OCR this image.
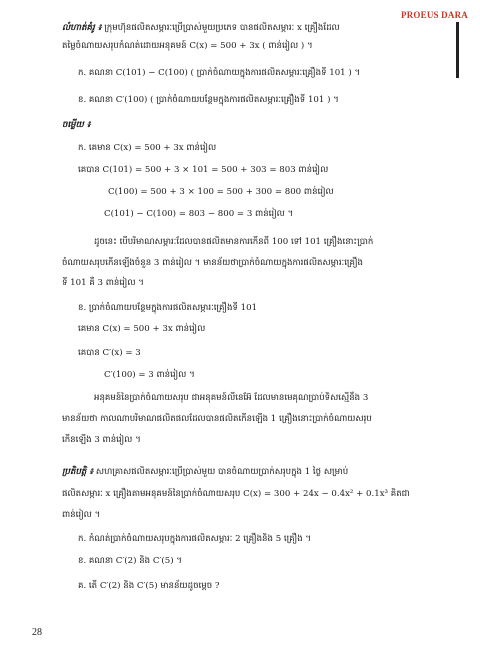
PROEUS DARA
លំហាត់គំរូ ៖ ក្រុមហ៊ុនផលិតសម្ភារៈប្រើប្រាស់មួយប្រភេទ បានផលិតសម្ភារៈ x គ្រឿងដែល
តម្លៃចំណាយសរុបកំណត់ដោយអនុគមន៍ C(x) = 500 + 3x ( ពាន់រៀល ) ។
ក. គណនា C(101) − C(100) ( ប្រាក់ចំណាយក្នុងការផលិតសម្ភារៈគ្រឿងទី 101 ) ។
ខ. គណនា C′(100) ( ប្រាក់ចំណាយបន្ថែមក្នុងការផលិតសម្ភារៈគ្រឿងទី 101 ) ។
ចម្លើយ ៖
ក. គេមាន C(x) = 500 + 3x ពាន់រៀល
គេបាន C(101) = 500 + 3 × 101 = 500 + 303 = 803 ពាន់រៀល
C(100) = 500 + 3 × 100 = 500 + 300 = 800 ពាន់រៀល
C(101) − C(100) = 803 − 800 = 3 ពាន់រៀល ។
ដូចនេះ បើបរិមាណសម្ភារៈដែលបានផលិតមានការកើនពី 100 ទៅ 101 គ្រឿងនោះប្រាក់
ចំណាយសរុបកើនឡើងចំនួន 3 ពាន់រៀល ។ មានន័យថាប្រាក់ចំណាយក្នុងការផលិតសម្ភារៈគ្រឿង
ទី 101 គឺ 3 ពាន់រៀល ។
ខ. ប្រាក់ចំណាយបន្ថែមក្នុងការផលិតសម្ភារៈគ្រឿងទី 101
គេមាន C(x) = 500 + 3x ពាន់រៀល
គេបាន C′(x) = 3
C′(100) = 3 ពាន់រៀល ។
អនុគមន៍នៃប្រាក់ចំណាយសរុប ជាអនុគមន៍លីនេអ៊ែ ដែលមានមេគុណប្រាប់ទិសស្មើនឹង 3
មានន័យថា កាលណាបរិមាណផលិតផលដែលបានផលិតកើនឡើង 1 គ្រឿងនោះប្រាក់ចំណាយសរុប
កើនឡើង 3 ពាន់រៀល ។
ប្រតិបត្តិ ៖ សហគ្រាសផលិតសម្ភារៈប្រើប្រាស់មួយ បានចំណាយប្រាក់សរុបក្នុង 1 ថ្ងៃ សម្រាប់
ផលិតសម្ភារៈ x គ្រឿងតាមអនុគមន៍នៃប្រាក់ចំណាយសរុប C(x) = 300 + 24x − 0.4x² + 0.1x³ គិតជា
ពាន់រៀល ។
ក. កំណត់ប្រាក់ចំណាយសរុបក្នុងការផលិតសម្ភារៈ 2 គ្រឿងនិង 5 គ្រឿង ។
ខ. គណនា C′(2) និង C′(5) ។
គ. តើ C′(2) និង C′(5) មានន័យដូចម្តេច ?
28
